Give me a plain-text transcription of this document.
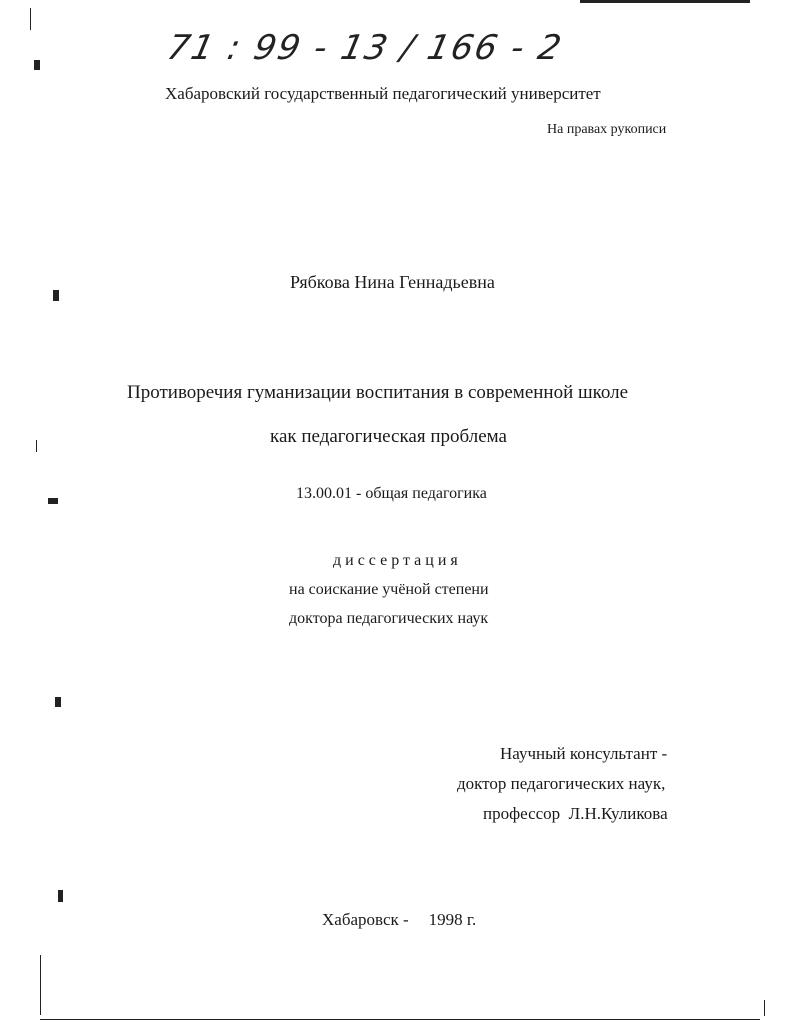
71 : 99 - 13 / 166 - 2
Хабаровский государственный педагогический университет
На правах рукописи
Рябкова Нина Геннадьевна
Противоречия гуманизации воспитания в современной школе
как педагогическая проблема
13.00.01 - общая педагогика
диссертация
на соискание учёной степени
доктора педагогических наук
Научный консультант -
доктор педагогических наук,
профессор  Л.Н.Куликова
Хабаровск - 1998 г.
